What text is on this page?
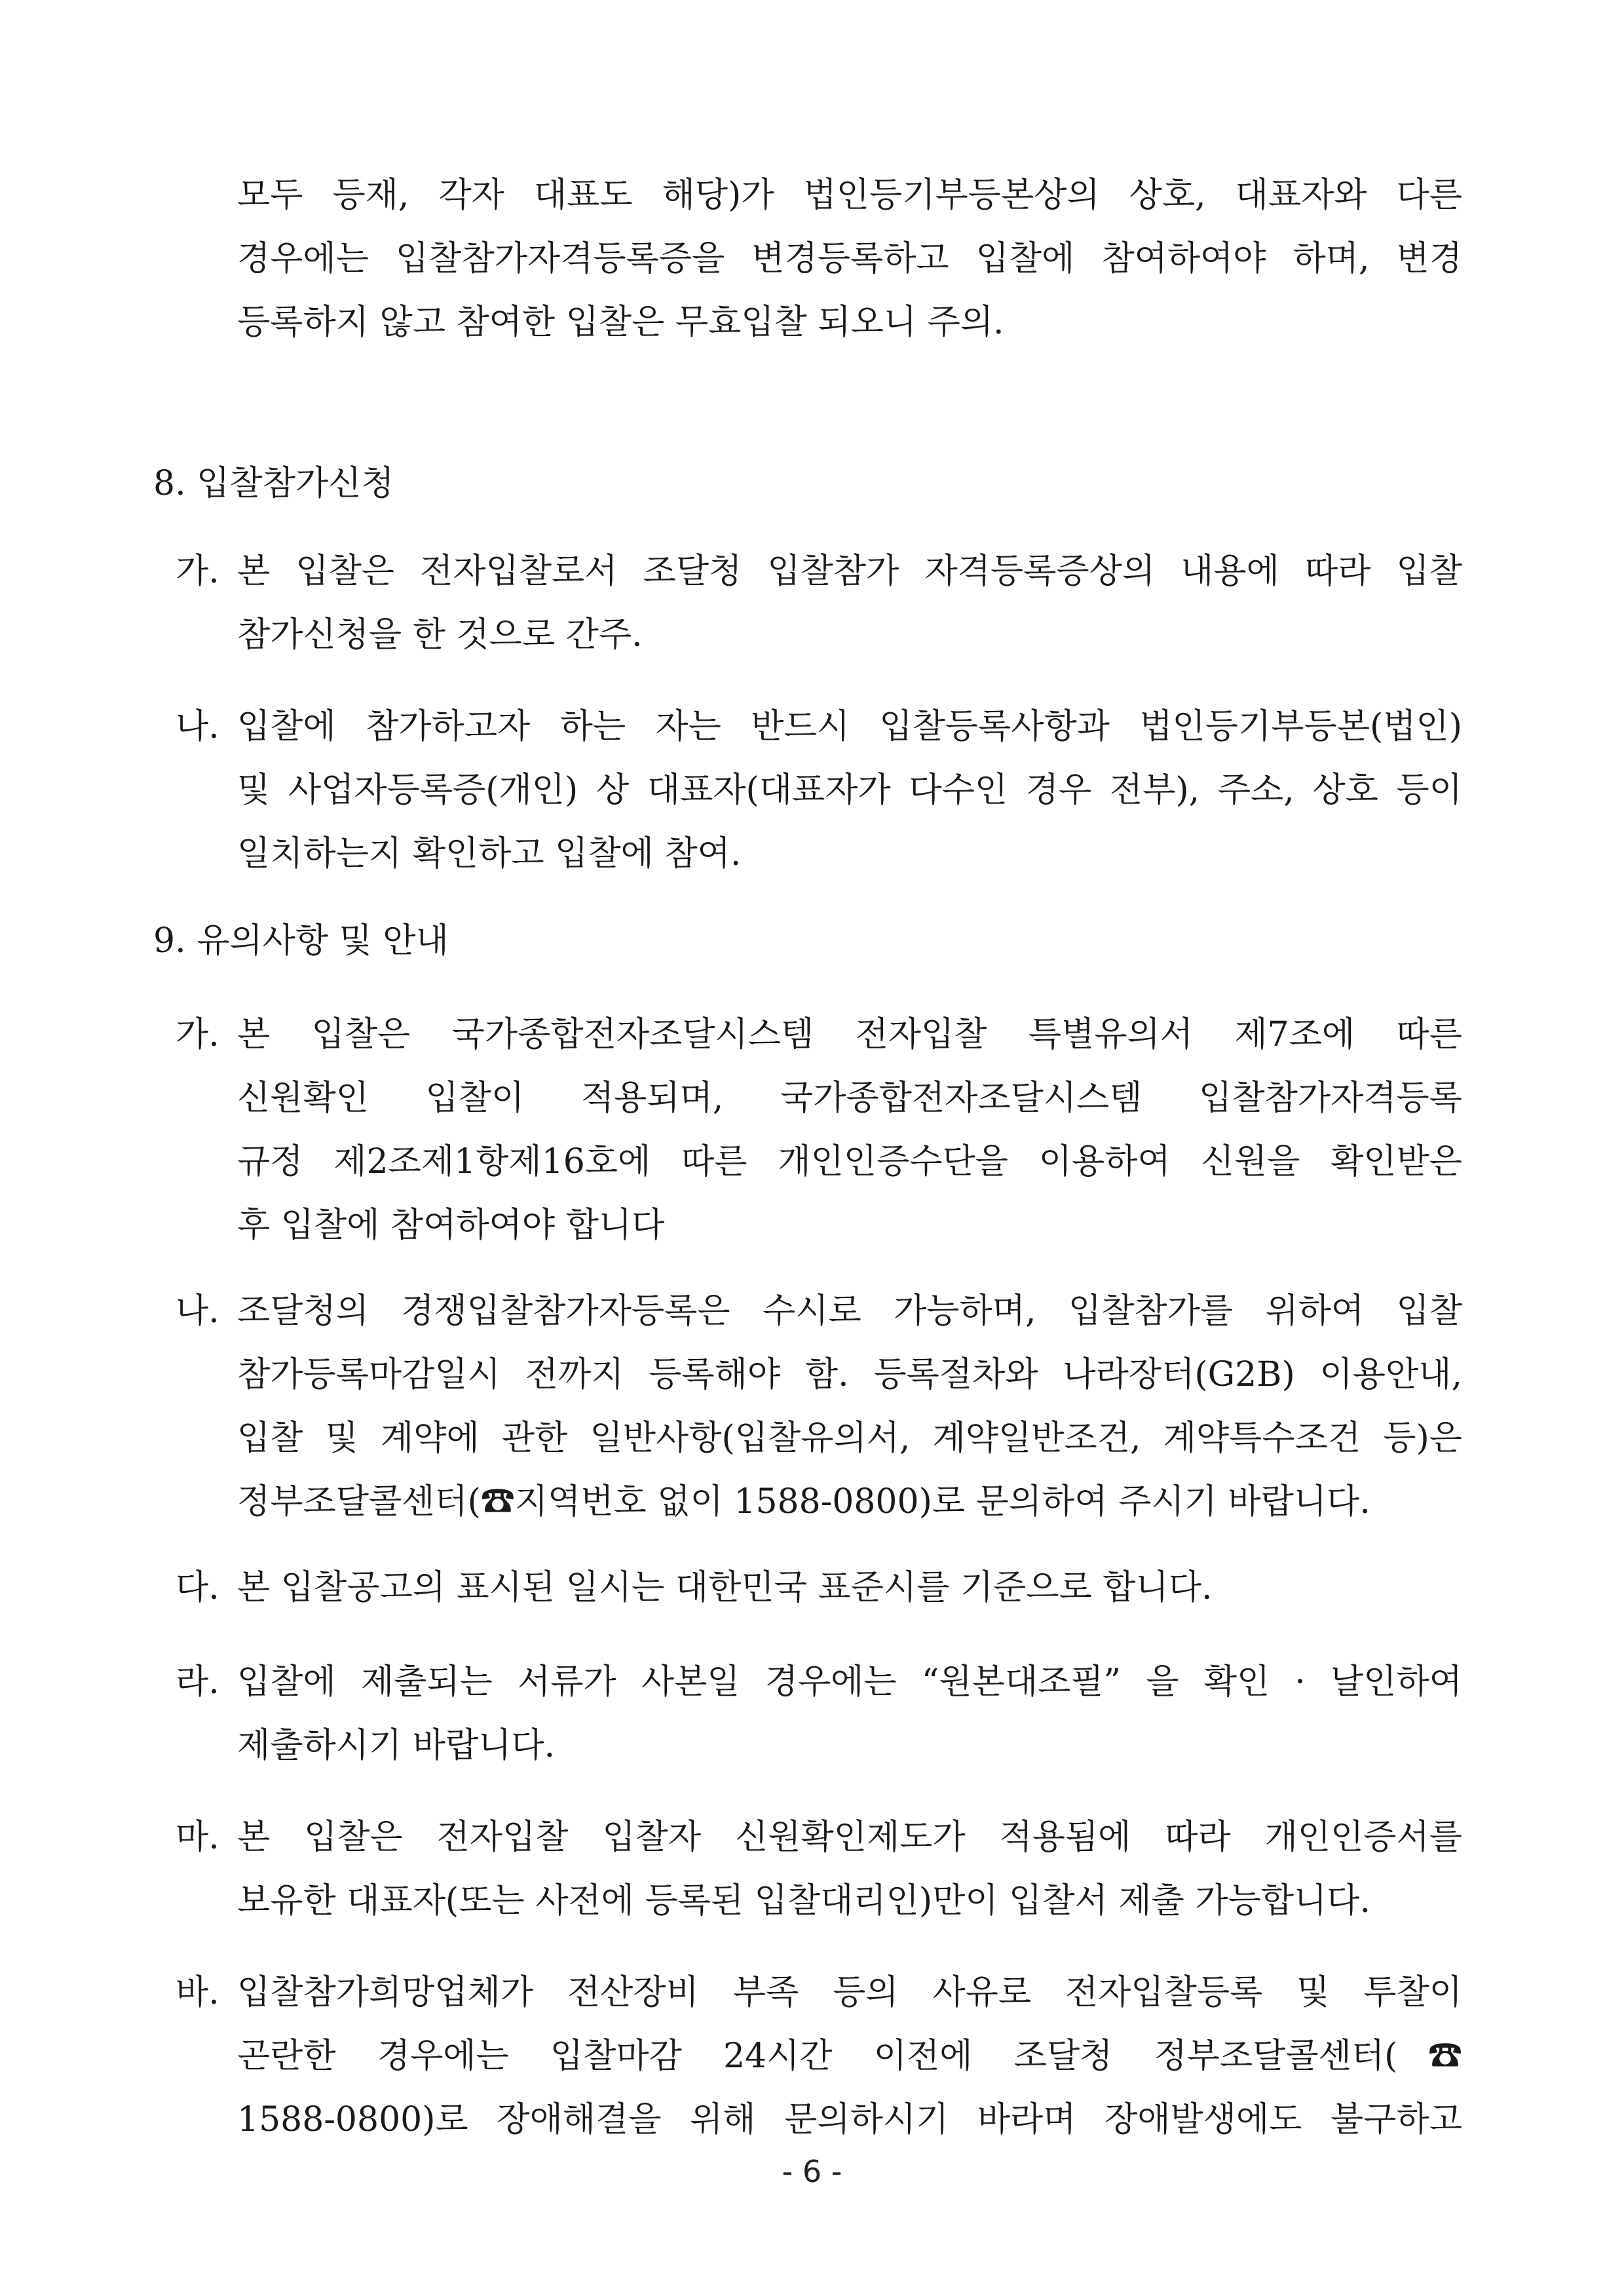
모두 등재, 각자 대표도 해당)가 법인등기부등본상의 상호, 대표자와 다른
경우에는 입찰참가자격등록증을 변경등록하고 입찰에 참여하여야 하며, 변경
등록하지 않고 참여한 입찰은 무효입찰 되오니 주의.
8. 입찰참가신청
가. 본 입찰은 전자입찰로서 조달청 입찰참가 자격등록증상의 내용에 따라 입찰
참가신청을 한 것으로 간주.
나. 입찰에 참가하고자 하는 자는 반드시 입찰등록사항과 법인등기부등본(법인)
및 사업자등록증(개인) 상 대표자(대표자가 다수인 경우 전부), 주소, 상호 등이
일치하는지 확인하고 입찰에 참여.
9. 유의사항 및 안내
가. 본 입찰은 국가종합전자조달시스템 전자입찰 특별유의서 제7조에 따른
신원확인 입찰이 적용되며, 국가종합전자조달시스템 입찰참가자격등록
규정 제2조제1항제16호에 따른 개인인증수단을 이용하여 신원을 확인받은
후 입찰에 참여하여야 합니다
나. 조달청의 경쟁입찰참가자등록은 수시로 가능하며, 입찰참가를 위하여 입찰
참가등록마감일시 전까지 등록해야 함. 등록절차와 나라장터(G2B) 이용안내,
입찰 및 계약에 관한 일반사항(입찰유의서, 계약일반조건, 계약특수조건 등)은
정부조달콜센터(☎지역번호 없이 1588-0800)로 문의하여 주시기 바랍니다.
다. 본 입찰공고의 표시된 일시는 대한민국 표준시를 기준으로 합니다.
라. 입찰에 제출되는 서류가 사본일 경우에는 “원본대조필” 을 확인 · 날인하여
제출하시기 바랍니다.
마. 본 입찰은 전자입찰 입찰자 신원확인제도가 적용됨에 따라 개인인증서를
보유한 대표자(또는 사전에 등록된 입찰대리인)만이 입찰서 제출 가능합니다.
바. 입찰참가희망업체가 전산장비 부족 등의 사유로 전자입찰등록 및 투찰이
곤란한 경우에는 입찰마감 24시간 이전에 조달청 정부조달콜센터(☎
1588-0800)로 장애해결을 위해 문의하시기 바라며 장애발생에도 불구하고
- 6 -
